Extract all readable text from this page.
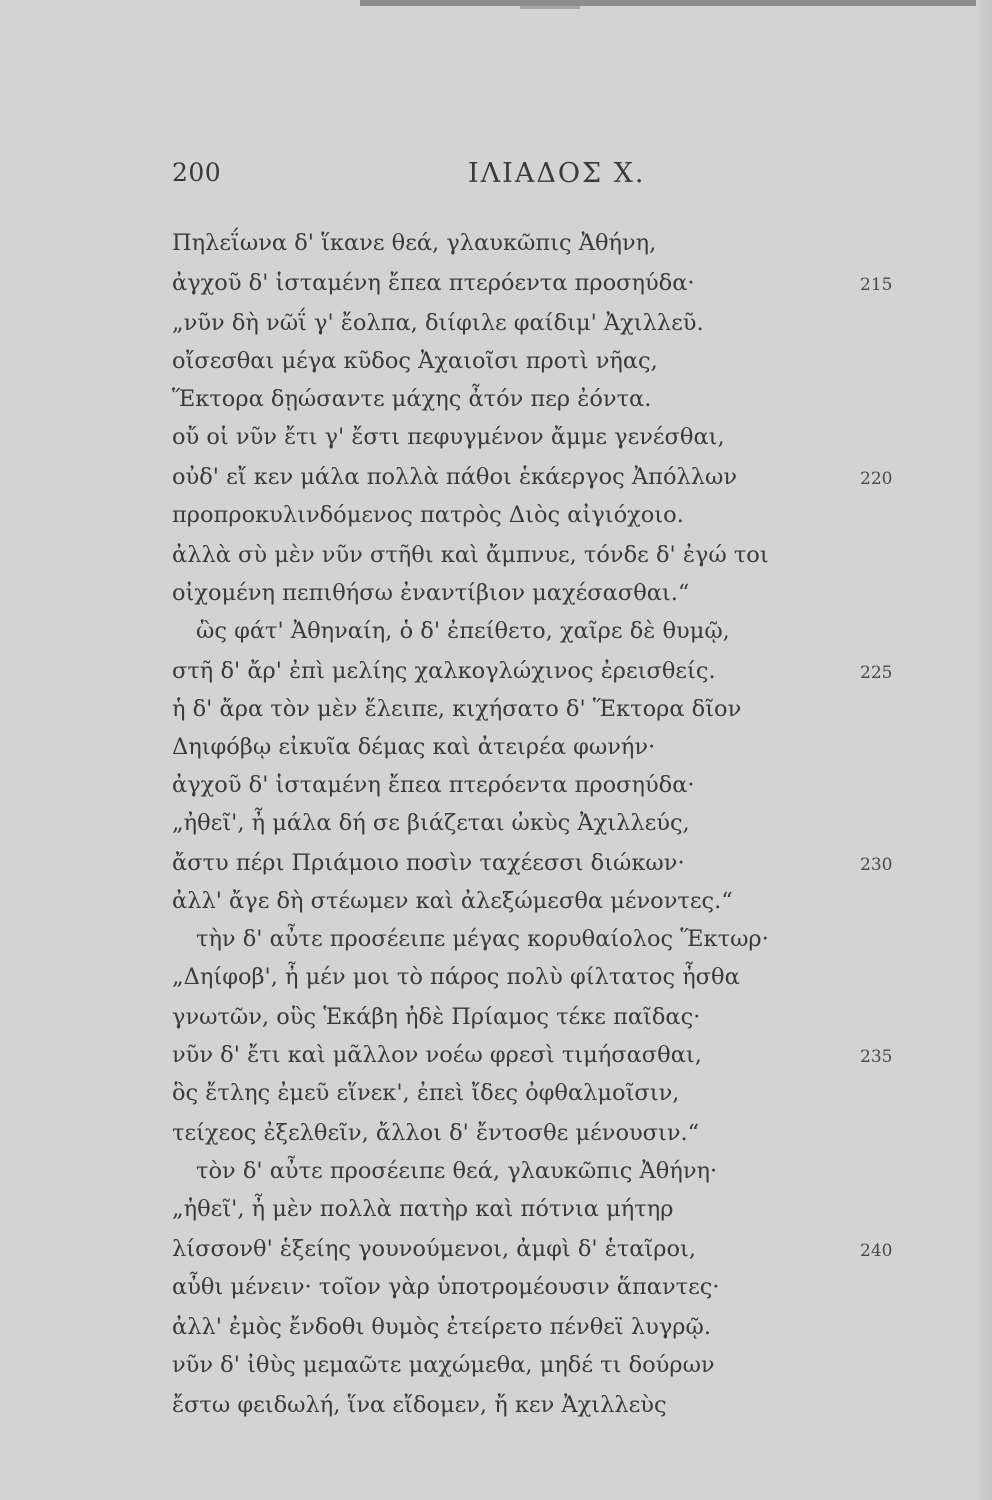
200	ΙΛΙΑΔΟΣ Χ.
Πηλεΐωνα δ' ἵκανε θεά, γλαυκῶπις Ἀθήνη,
ἀγχοῦ δ' ἱσταμένη ἔπεα πτερόεντα προσηύδα·	215
„νῦν δὴ νῶΐ γ' ἔολπα, διίφιλε φαίδιμ' Ἀχιλλεῦ.
οἴσεσθαι μέγα κῦδος Ἀχαιοῖσι προτὶ νῆας,
Ἕκτορα δῃώσαντε μάχης ἆτόν περ ἐόντα.
οὔ οἱ νῦν ἔτι γ' ἔστι πεφυγμένον ἄμμε γενέσθαι,
οὐδ' εἴ κεν μάλα πολλὰ πάθοι ἑκάεργος Ἀπόλλων	220
προπροκυλινδόμενος πατρὸς Διὸς αἰγιόχοιο.
ἀλλὰ σὺ μὲν νῦν στῆθι καὶ ἄμπνυε, τόνδε δ' ἐγώ τοι
οἰχομένη πεπιθήσω ἐναντίβιον μαχέσασθαι.“
ὣς φάτ' Ἀθηναίη, ὁ δ' ἐπείθετο, χαῖρε δὲ θυμῷ,
στῆ δ' ἄρ' ἐπὶ μελίης χαλκογλώχινος ἐρεισθείς.	225
ἡ δ' ἄρα τὸν μὲν ἔλειπε, κιχήσατο δ' Ἕκτορα δῖον
Δηιφόβῳ εἰκυῖα δέμας καὶ ἀτειρέα φωνήν·
ἀγχοῦ δ' ἱσταμένη ἔπεα πτερόεντα προσηύδα·
„ἠθεῖ', ἦ μάλα δή σε βιάζεται ὠκὺς Ἀχιλλεύς,
ἄστυ πέρι Πριάμοιο ποσὶν ταχέεσσι διώκων·	230
ἀλλ' ἄγε δὴ στέωμεν καὶ ἀλεξώμεσθα μένοντες.“
τὴν δ' αὖτε προσέειπε μέγας κορυθαίολος Ἕκτωρ·
„Δηίφοβ', ἦ μέν μοι τὸ πάρος πολὺ φίλτατος ἦσθα
γνωτῶν, οὓς Ἑκάβη ἠδὲ Πρίαμος τέκε παῖδας·
νῦν δ' ἔτι καὶ μᾶλλον νοέω φρεσὶ τιμήσασθαι,	235
ὃς ἔτλης ἐμεῦ εἵνεκ', ἐπεὶ ἴδες ὀφθαλμοῖσιν,
τείχεος ἐξελθεῖν, ἄλλοι δ' ἔντοσθε μένουσιν.“
τὸν δ' αὖτε προσέειπε θεά, γλαυκῶπις Ἀθήνη·
„ἠθεῖ', ἦ μὲν πολλὰ πατὴρ καὶ πότνια μήτηρ
λίσσονθ' ἑξείης γουνούμενοι, ἀμφὶ δ' ἑταῖροι,	240
αὖθι μένειν· τοῖον γὰρ ὑποτρομέουσιν ἅπαντες·
ἀλλ' ἐμὸς ἔνδοθι θυμὸς ἐτείρετο πένθεϊ λυγρῷ.
νῦν δ' ἰθὺς μεμαῶτε μαχώμεθα, μηδέ τι δούρων
ἔστω φειδωλή, ἵνα εἴδομεν, ἤ κεν Ἀχιλλεὺς
